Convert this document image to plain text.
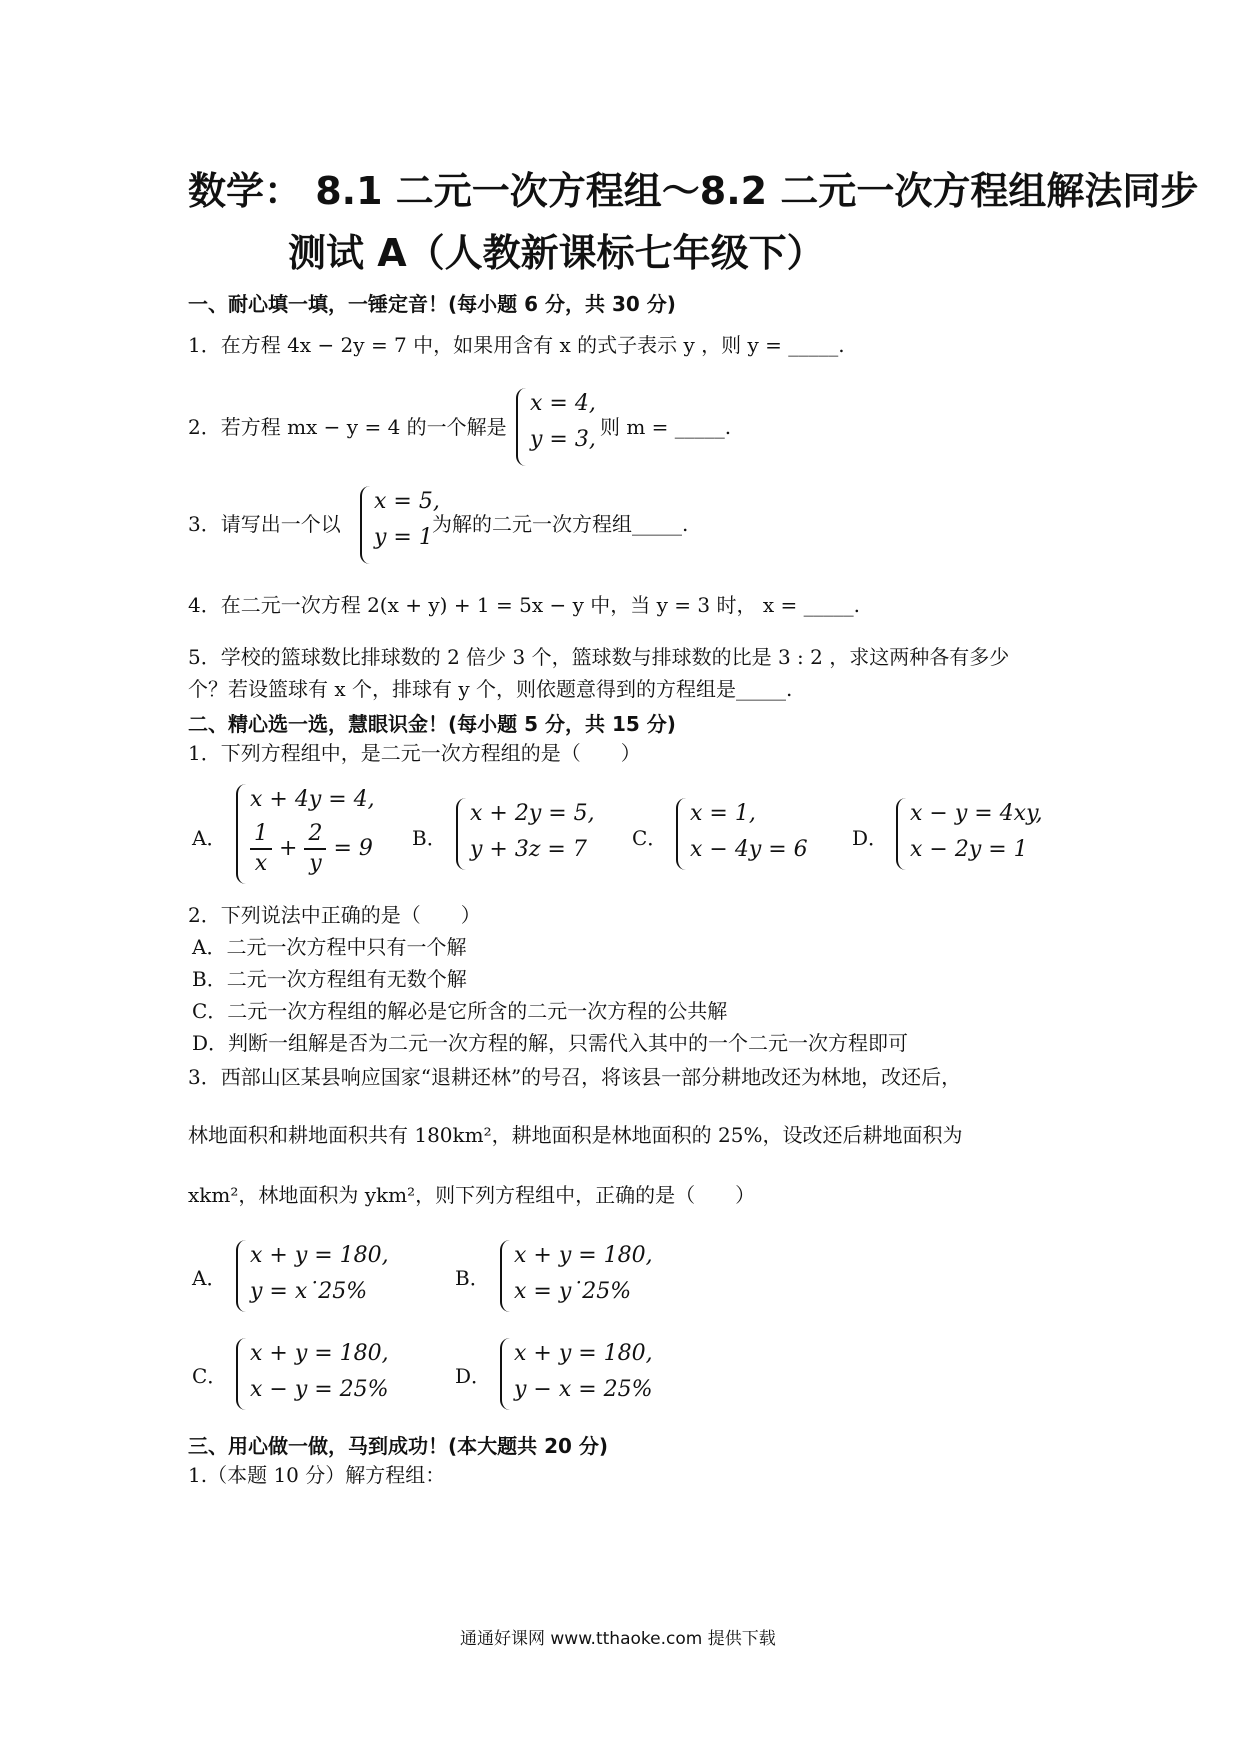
数学： 8.1 二元一次方程组～8.2 二元一次方程组解法同步
测试 A（人教新课标七年级下）
一、耐心填一填，一锤定音！(每小题 6 分，共 30 分)
1．在方程 4x − 2y = 7 中，如果用含有 x 的式子表示 y ，则 y = _____.
2．若方程 mx − y = 4 的一个解是
x = 4,
y = 3, 则 m = _____.
3．请写出一个以
x = 5,
y = 1
为解的二元一次方程组_____.
4．在二元一次方程 2(x + y) + 1 = 5x − y 中，当 y = 3 时， x = _____.
5．学校的篮球数比排球数的 2 倍少 3 个，篮球数与排球数的比是 3 : 2 ，求这两种各有多少
个？若设篮球有 x 个，排球有 y 个，则依题意得到的方程组是_____.
二、精心选一选，慧眼识金！(每小题 5 分，共 15 分)
1．下列方程组中，是二元一次方程组的是（　　）
A．
x + 4y = 4,
$\frac{1}{x} + \frac{2}{y} = 9$ B．
x + 2y = 5,
y + 3z = 7	C．
x = 1,
x − 4y = 6 D．
x − y = 4xy,
x − 2y = 1
2．下列说法中正确的是（　　）
A．二元一次方程中只有一个解
B．二元一次方程组有无数个解
C．二元一次方程组的解必是它所含的二元一次方程的公共解
D．判断一组解是否为二元一次方程的解，只需代入其中的一个二元一次方程即可
3．西部山区某县响应国家“退耕还林”的号召，将该县一部分耕地改还为林地，改还后，
林地面积和耕地面积共有 180km²，耕地面积是林地面积的 25%，设改还后耕地面积为
xkm²，林地面积为 ykm²，则下列方程组中，正确的是（　　）
A．
x + y = 180,
y = x˙25%
B．
x + y = 180,
x = y˙25%
C．
x + y = 180,
x − y = 25%
D．
x + y = 180,
y − x = 25%
三、用心做一做，马到成功！(本大题共 20 分)
1.（本题 10 分）解方程组：
通通好课网 www.tthaoke.com 提供下载
